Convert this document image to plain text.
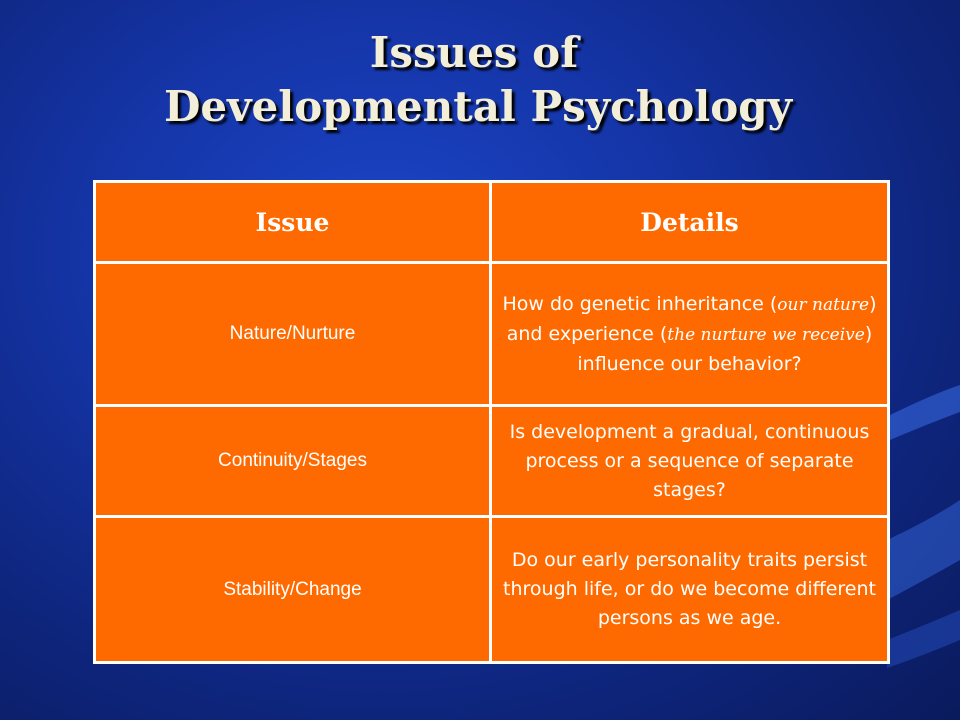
Issues of
Developmental Psychology
Issue	Details
Nature/Nurture	How do genetic inheritance (our nature) and experience (the nurture we receive) influence our behavior?
Continuity/Stages	Is development a gradual, continuous process or a sequence of separate stages?
Stability/Change	Do our early personality traits persist through life, or do we become different persons as we age.
